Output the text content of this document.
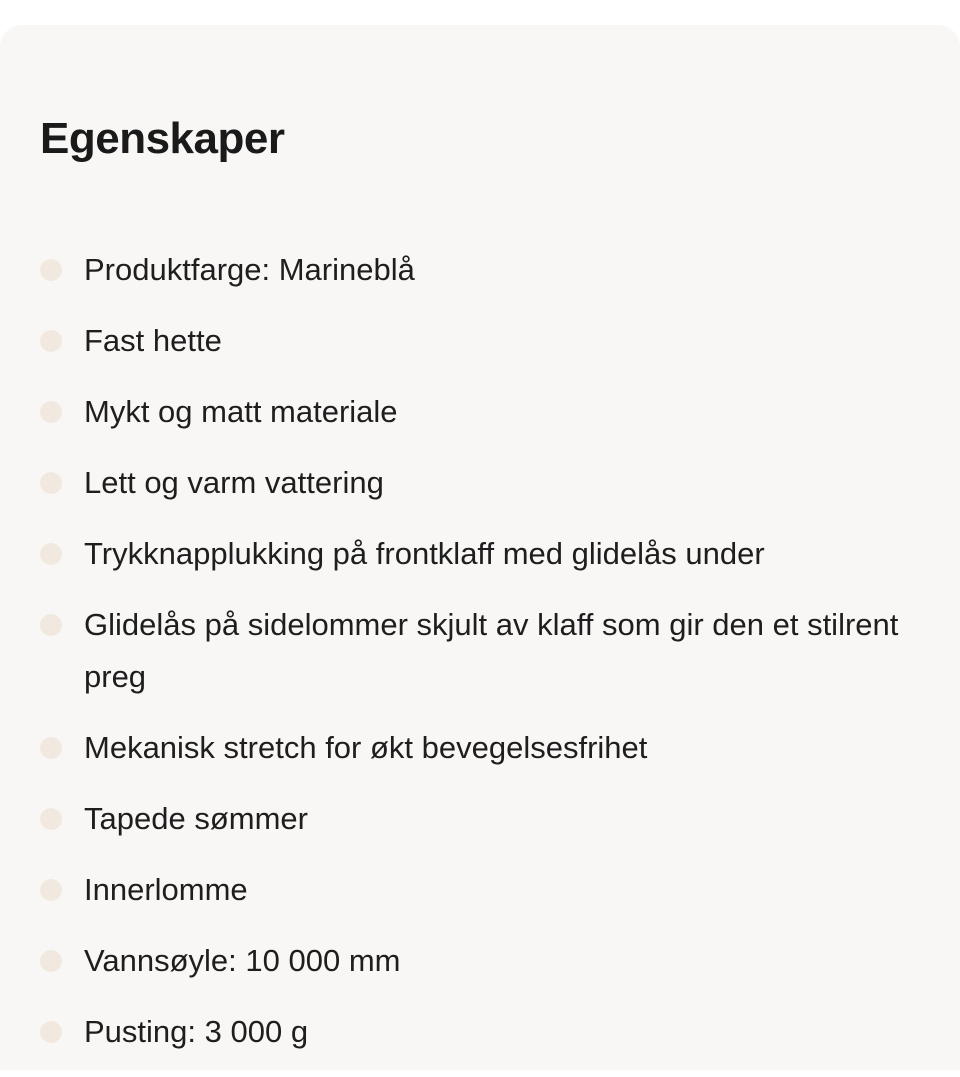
Egenskaper
Produktfarge: Marineblå
Fast hette
Mykt og matt materiale
Lett og varm vattering
Trykknapplukking på frontklaff med glidelås under
Glidelås på sidelommer skjult av klaff som gir den et stilrent preg
Mekanisk stretch for økt bevegelsesfrihet
Tapede sømmer
Innerlomme
Vannsøyle: 10 000 mm
Pusting: 3 000 g
